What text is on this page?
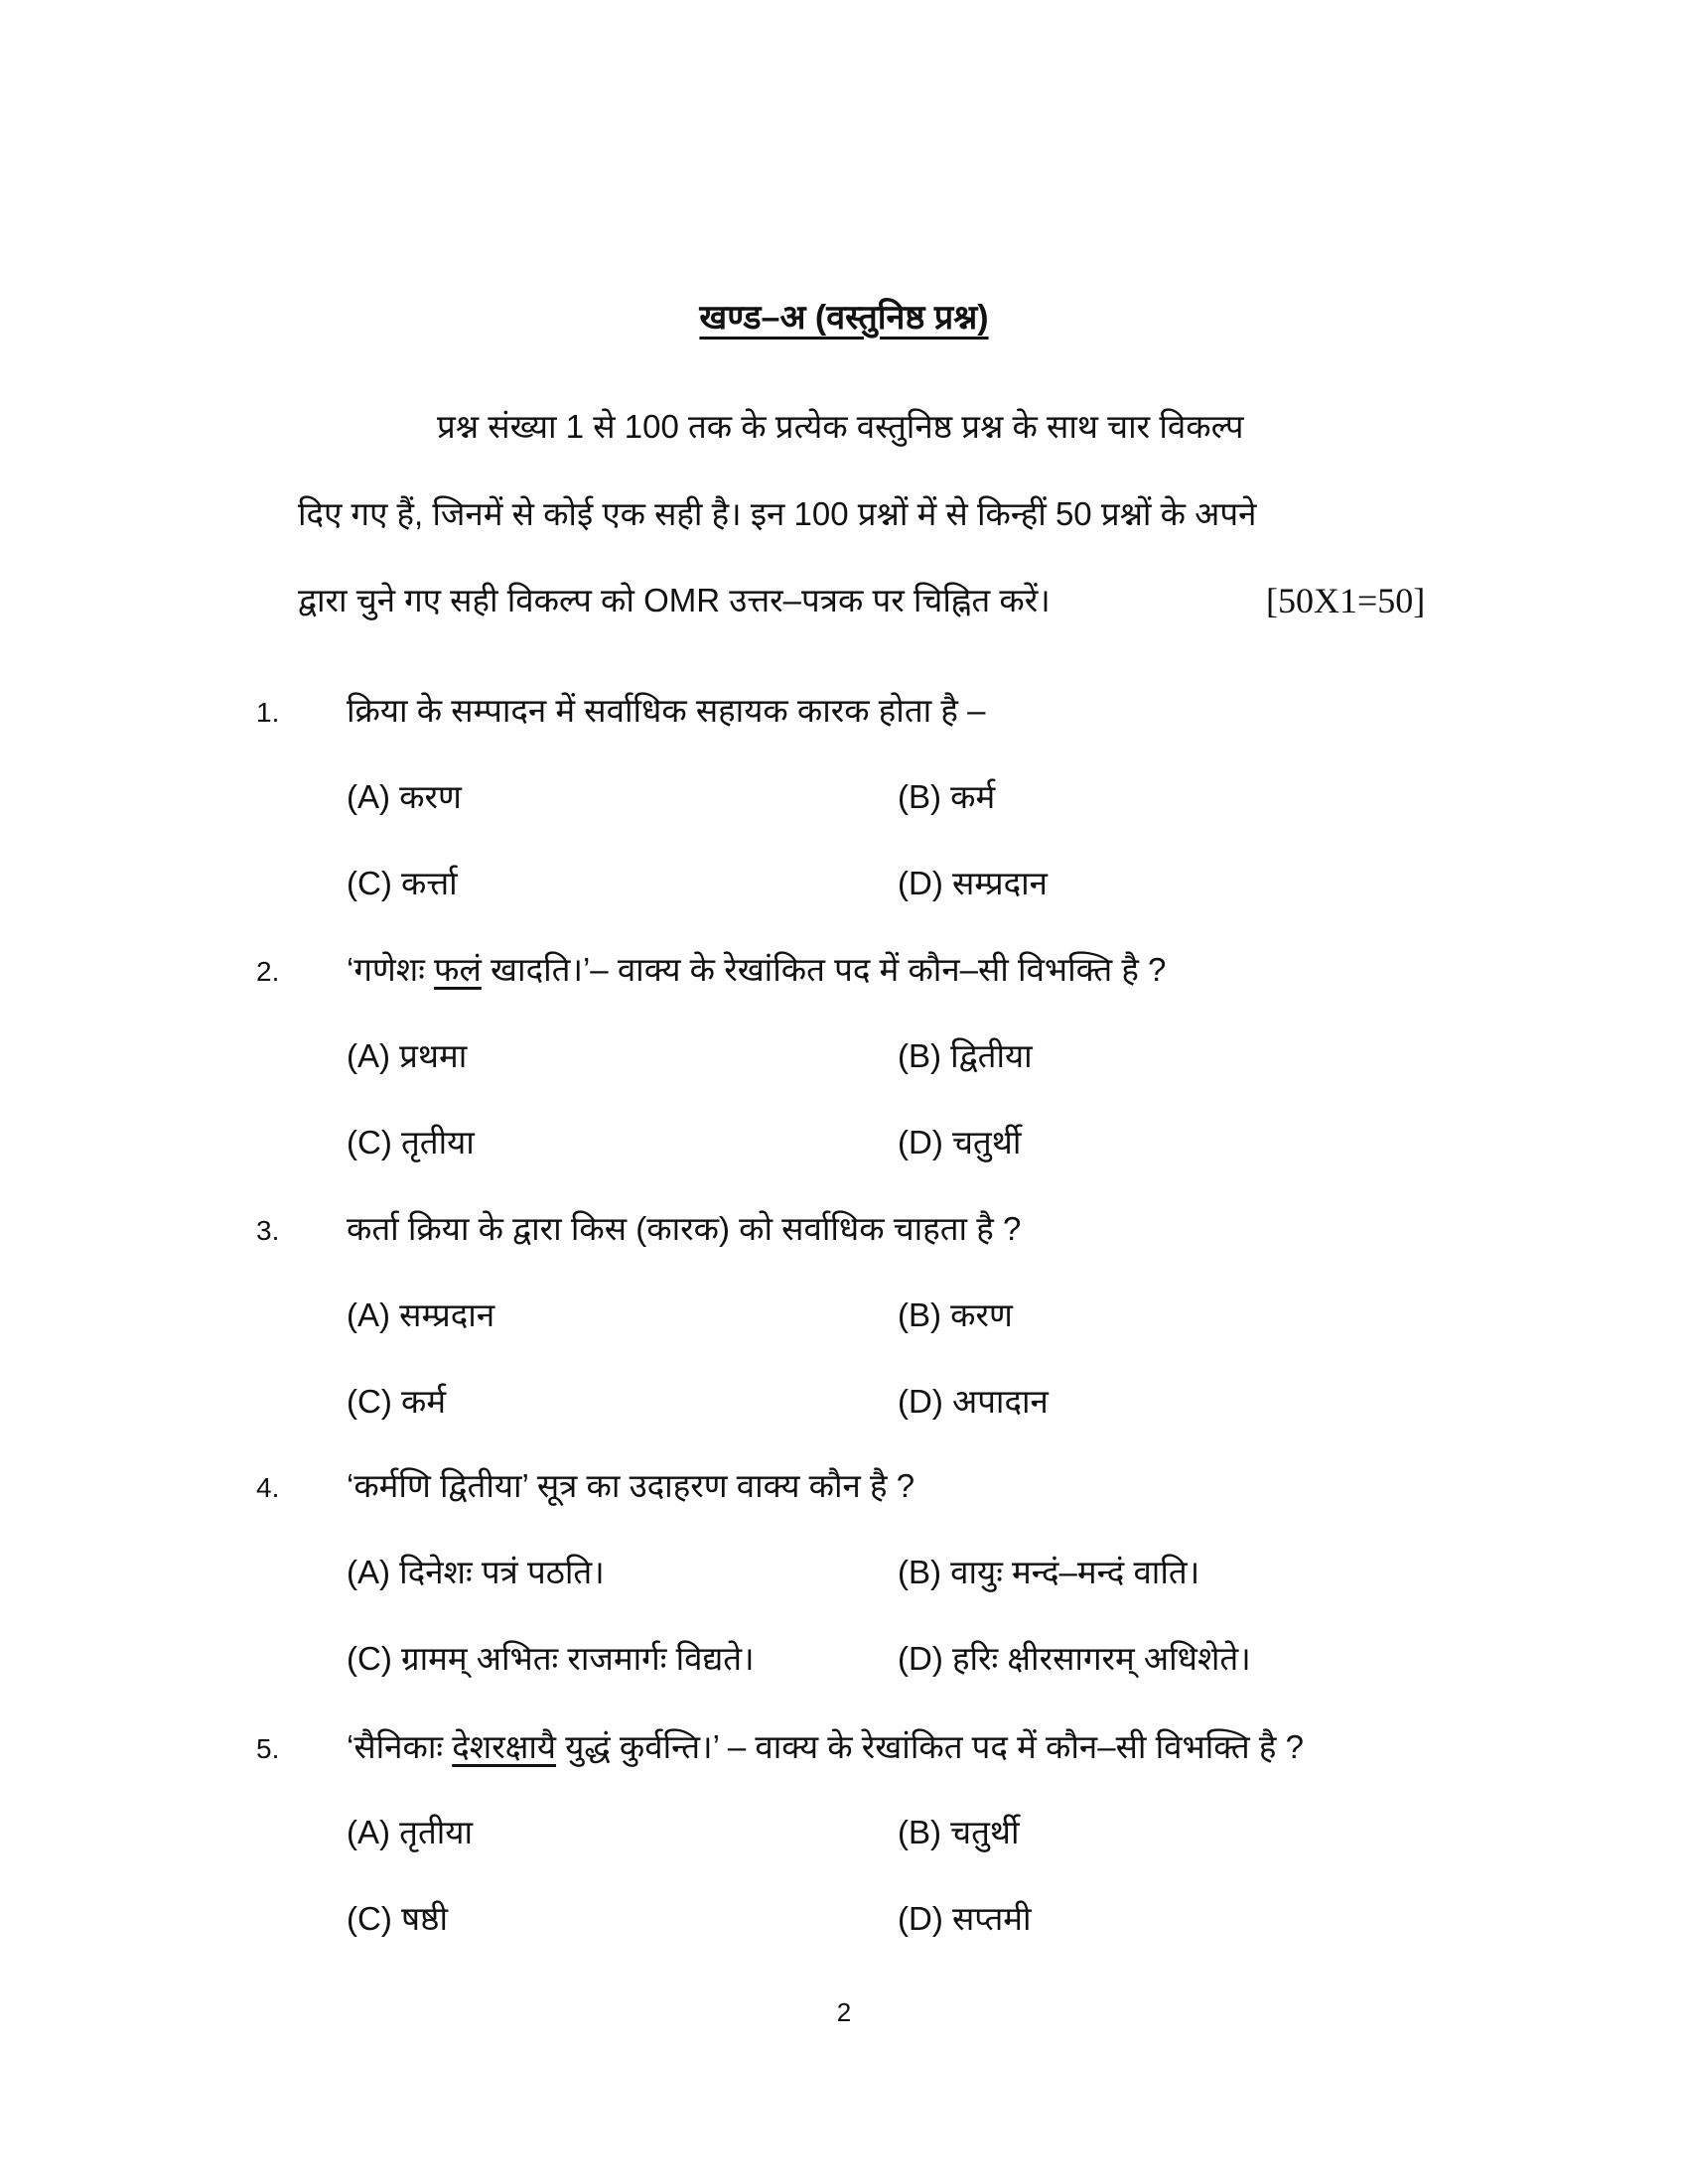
खण्ड–अ (वस्तुनिष्ठ प्रश्न)
प्रश्न संख्या 1 से 100 तक के प्रत्येक वस्तुनिष्ठ प्रश्न के साथ चार विकल्प
दिए गए हैं, जिनमें से कोई एक सही है। इन 100 प्रश्नों में से किन्हीं 50 प्रश्नों के अपने
द्वारा चुने गए सही विकल्प को OMR उत्तर–पत्रक पर चिह्नित करें।	[50X1=50]
1. क्रिया के सम्पादन में सर्वाधिक सहायक कारक होता है –
(A) करण	(B) कर्म
(C) कर्त्ता	(D) सम्प्रदान
2. ‘गणेशः फलं खादति।’– वाक्य के रेखांकित पद में कौन–सी विभक्ति है ?
(A) प्रथमा	(B) द्वितीया
(C) तृतीया	(D) चतुर्थी
3. कर्ता क्रिया के द्वारा किस (कारक) को सर्वाधिक चाहता है ?
(A) सम्प्रदान	(B) करण
(C) कर्म	(D) अपादान
4. ‘कर्मणि द्वितीया’ सूत्र का उदाहरण वाक्य कौन है ?
(A) दिनेशः पत्रं पठति।	(B) वायुः मन्दं–मन्दं वाति।
(C) ग्रामम् अभितः राजमार्गः विद्यते।	(D) हरिः क्षीरसागरम् अधिशेते।
5. ‘सैनिकाः देशरक्षायै युद्धं कुर्वन्ति।’ – वाक्य के रेखांकित पद में कौन–सी विभक्ति है ?
(A) तृतीया	(B) चतुर्थी
(C) षष्ठी	(D) सप्तमी
2
